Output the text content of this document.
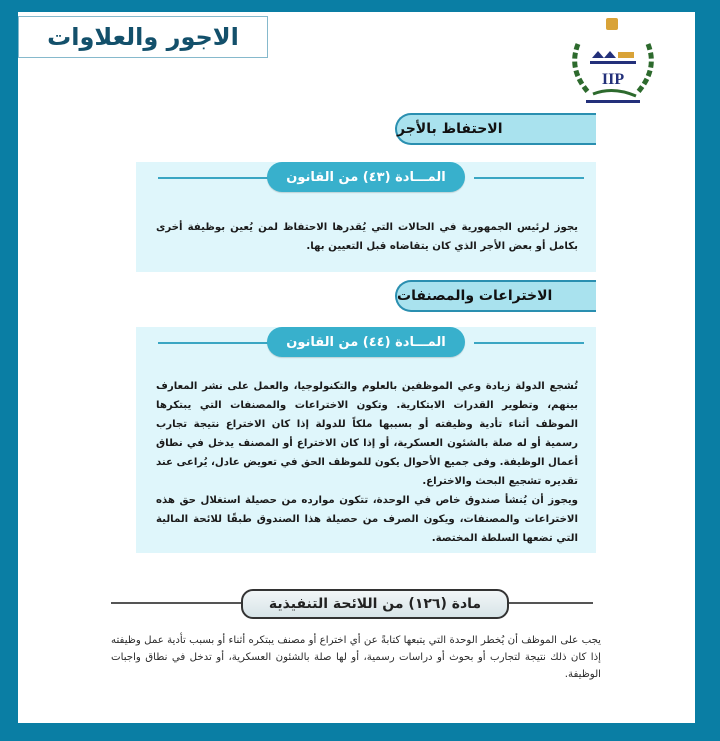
الاجور والعلاوات
IIP
الاحتفاظ بالأجر
المـــادة (٤٣) من القانون
يجوز لرئيس الجمهورية في الحالات التي يُقدرها الاحتفاظ لمن يُعين بوظيفة أخرى بكامل أو بعض الأجر الذي كان يتقاضاه قبل التعيين بها.
الاختراعات والمصنفات
المـــادة (٤٤) من القانون
تُشجع الدولة زيادة وعي الموظفين بالعلوم والتكنولوجيا، والعمل على نشر المعارف بينهم، وتطوير القدرات الابتكارية. وتكون الاختراعات والمصنفات التي يبتكرها الموظف أثناء تأدية وظيفته أو بسببها ملكاً للدولة إذا كان الاختراع نتيجة تجارب رسمية أو له صلة بالشئون العسكرية، أو إذا كان الاختراع أو المصنف يدخل في نطاق أعمال الوظيفة. وفى جميع الأحوال يكون للموظف الحق في تعويض عادل، يُراعى عند تقديره تشجيع البحث والاختراع.
ويجوز أن يُنشأ صندوق خاص في الوحدة، تتكون موارده من حصيلة استغلال حق هذه الاختراعات والمصنفات، ويكون الصرف من حصيلة هذا الصندوق طبقًا للائحة المالية التي تضعها السلطة المختصة.
مادة (١٢٦) من اللائحة التنفيذية
يجب على الموظف أن يُخطر الوحدة التي يتبعها كتابةً عن أي اختراع أو مصنف يبتكره أثناء أو بسبب تأدية عمل وظيفته إذا كان ذلك نتيجة لتجارب أو بحوث أو دراسات رسمية، أو لها صلة بالشئون العسكرية، أو تدخل في نطاق واجبات الوظيفة.
